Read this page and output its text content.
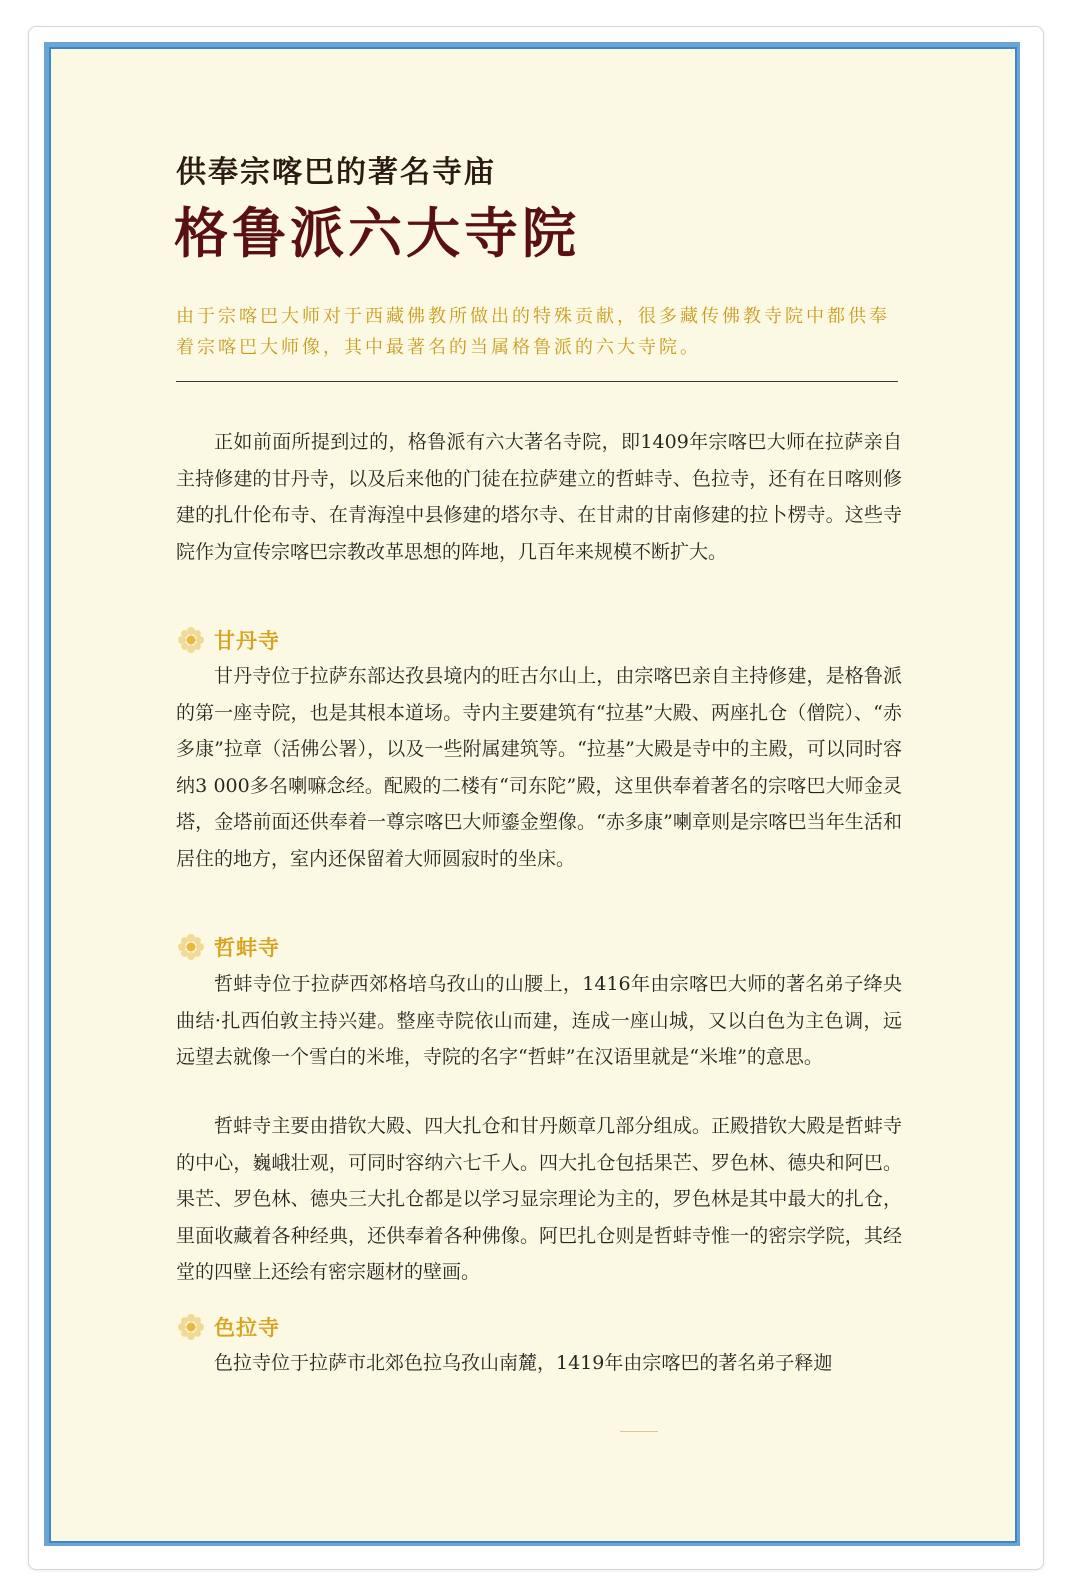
供奉宗喀巴的著名寺庙
格鲁派六大寺院
由于宗喀巴大师对于西藏佛教所做出的特殊贡献，很多藏传佛教寺院中都供奉着宗喀巴大师像，其中最著名的当属格鲁派的六大寺院。

正如前面所提到过的，格鲁派有六大著名寺院，即1409年宗喀巴大师在拉萨亲自主持修建的甘丹寺，以及后来他的门徒在拉萨建立的哲蚌寺、色拉寺，还有在日喀则修建的扎什伦布寺、在青海湟中县修建的塔尔寺、在甘肃的甘南修建的拉卜楞寺。这些寺院作为宣传宗喀巴宗教改革思想的阵地，几百年来规模不断扩大。

甘丹寺

甘丹寺位于拉萨东部达孜县境内的旺古尔山上，由宗喀巴亲自主持修建，是格鲁派的第一座寺院，也是其根本道场。寺内主要建筑有“拉基”大殿、两座扎仓（僧院）、“赤多康”拉章（活佛公署），以及一些附属建筑等。“拉基”大殿是寺中的主殿，可以同时容纳3 000多名喇嘛念经。配殿的二楼有“司东陀”殿，这里供奉着著名的宗喀巴大师金灵塔，金塔前面还供奉着一尊宗喀巴大师鎏金塑像。“赤多康”喇章则是宗喀巴当年生活和居住的地方，室内还保留着大师圆寂时的坐床。

哲蚌寺

哲蚌寺位于拉萨西郊格培乌孜山的山腰上，1416年由宗喀巴大师的著名弟子绛央曲结·扎西伯敦主持兴建。整座寺院依山而建，连成一座山城，又以白色为主色调，远远望去就像一个雪白的米堆，寺院的名字“哲蚌”在汉语里就是“米堆”的意思。

哲蚌寺主要由措钦大殿、四大扎仓和甘丹颇章几部分组成。正殿措钦大殿是哲蚌寺的中心，巍峨壮观，可同时容纳六七千人。四大扎仓包括果芒、罗色林、德央和阿巴。果芒、罗色林、德央三大扎仓都是以学习显宗理论为主的，罗色林是其中最大的扎仓，里面收藏着各种经典，还供奉着各种佛像。阿巴扎仓则是哲蚌寺惟一的密宗学院，其经堂的四壁上还绘有密宗题材的壁画。

色拉寺

色拉寺位于拉萨市北郊色拉乌孜山南麓，1419年由宗喀巴的著名弟子释迦
